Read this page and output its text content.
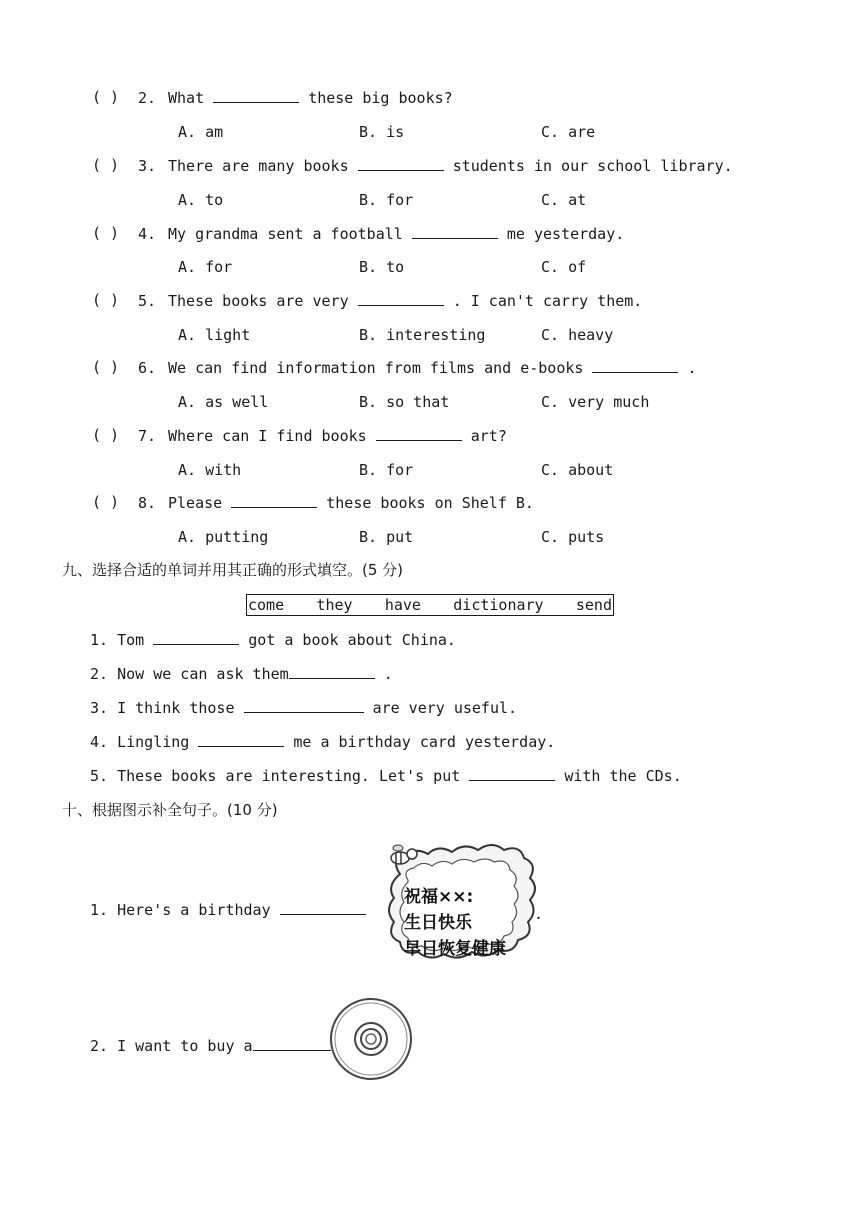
( ) 2. What	these big books?
A. am	B. is	C. are
( ) 3. There are many books	students in our school library.
A. to	B. for	C. at
( ) 4. My grandma sent a football	me yesterday.
A. for	B. to	C. of
( ) 5. These books are very	. I can't carry them.
A. light	B. interesting	C. heavy
( ) 6. We can find information from films and e-books	.
A. as well	B. so that	C. very much
( ) 7. Where can I find books	art?
A. with	B. for	C. about
( ) 8. Please	these books on Shelf B.
A. putting	B. put	C. puts
九、选择合适的单词并用其正确的形式填空。(5 分)
come they have dictionary send
1. Tom	got a book about China.
2. Now we can ask them	.
3. I think those	are very useful.
4. Lingling	me a birthday card yesterday.
5. These books are interesting. Let's put	with the CDs.
十、根据图示补全句子。(10 分)
1. Here's a birthday	.
祝福××:
生日快乐
早日恢复健康
2. I want to buy a
